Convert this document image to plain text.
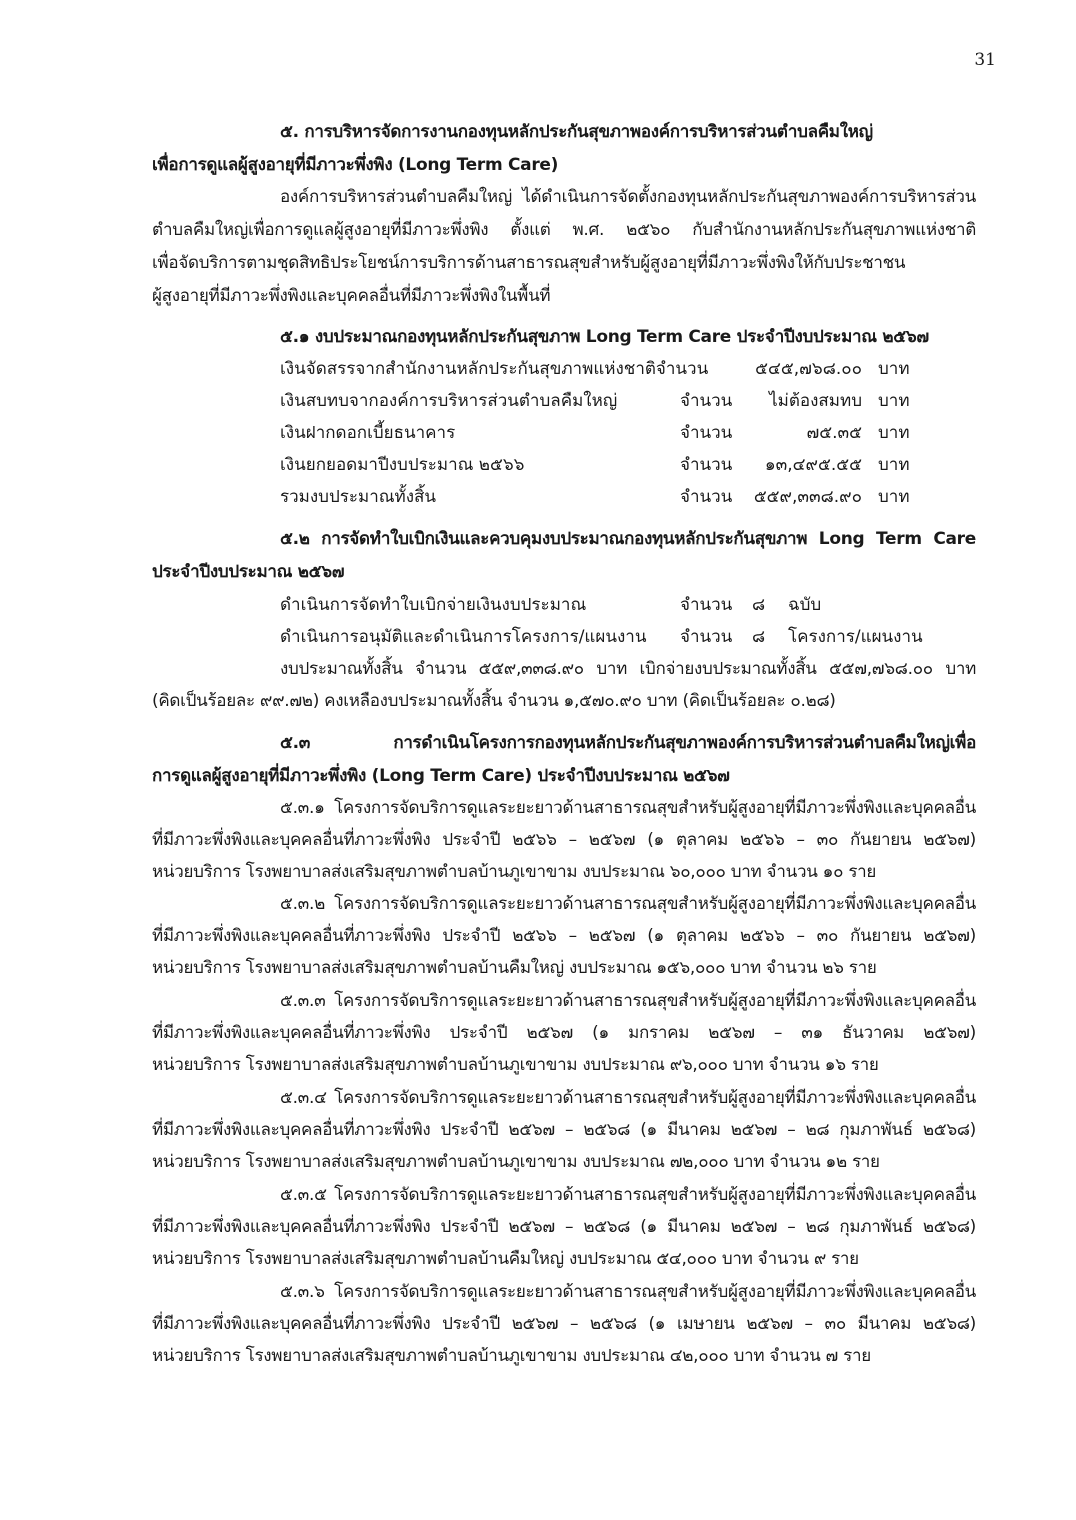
31
๕. การบริหารจัดการงานกองทุนหลักประกันสุขภาพองค์การบริหารส่วนตำบลคืมใหญ่
เพื่อการดูแลผู้สูงอายุที่มีภาวะพึ่งพิง (Long Term Care)
องค์การบริหารส่วนตำบลคืมใหญ่ ได้ดำเนินการจัดตั้งกองทุนหลักประกันสุขภาพองค์การบริหารส่วน
ตำบลคืมใหญ่เพื่อการดูแลผู้สูงอายุที่มีภาวะพึ่งพิง ตั้งแต่ พ.ศ. ๒๕๖๐ กับสำนักงานหลักประกันสุขภาพแห่งชาติ
เพื่อจัดบริการตามชุดสิทธิประโยชน์การบริการด้านสาธารณสุขสำหรับผู้สูงอายุที่มีภาวะพึ่งพิงให้กับประชาชน
ผู้สูงอายุที่มีภาวะพึ่งพิงและบุคคลอื่นที่มีภาวะพึ่งพิงในพื้นที่
๕.๑ งบประมาณกองทุนหลักประกันสุขภาพ Long Term Care ประจำปีงบประมาณ ๒๕๖๗
เงินจัดสรรจากสำนักงานหลักประกันสุขภาพแห่งชาติจำนวน	๕๔๕,๗๖๘.๐๐ บาท
เงินสบทบจากองค์การบริหารส่วนตำบลคืมใหญ่	จำนวน	ไม่ต้องสมทบ บาท
เงินฝากดอกเบี้ยธนาคาร	จำนวน	๗๕.๓๕ บาท
เงินยกยอดมาปีงบประมาณ ๒๕๖๖	จำนวน	๑๓,๔๙๕.๕๕ บาท
รวมงบประมาณทั้งสิ้น	จำนวน	๕๕๙,๓๓๘.๙๐ บาท
๕.๒ การจัดทำใบเบิกเงินและควบคุมงบประมาณกองทุนหลักประกันสุขภาพ Long Term Care
ประจำปีงบประมาณ ๒๕๖๗
ดำเนินการจัดทำใบเบิกจ่ายเงินงบประมาณ	จำนวน ๘ ฉบับ
ดำเนินการอนุมัติและดำเนินการโครงการ/แผนงาน จำนวน ๘ โครงการ/แผนงาน
งบประมาณทั้งสิ้น จำนวน ๕๕๙,๓๓๘.๙๐ บาท เบิกจ่ายงบประมาณทั้งสิ้น ๕๕๗,๗๖๘.๐๐ บาท
(คิดเป็นร้อยละ ๙๙.๗๒) คงเหลืองบประมาณทั้งสิ้น จำนวน ๑,๕๗๐.๙๐ บาท (คิดเป็นร้อยละ ๐.๒๘)
๕.๓ การดำเนินโครงการกองทุนหลักประกันสุขภาพองค์การบริหารส่วนตำบลคืมใหญ่เพื่อ
การดูแลผู้สูงอายุที่มีภาวะพึ่งพิง (Long Term Care) ประจำปีงบประมาณ ๒๕๖๗
๕.๓.๑ โครงการจัดบริการดูแลระยะยาวด้านสาธารณสุขสำหรับผู้สูงอายุที่มีภาวะพึ่งพิงและบุคคลอื่น
ที่มีภาวะพึ่งพิงและบุคคลอื่นที่ภาวะพึ่งพิง ประจำปี ๒๕๖๖ – ๒๕๖๗ (๑ ตุลาคม ๒๕๖๖ – ๓๐ กันยายน ๒๕๖๗)
หน่วยบริการ โรงพยาบาลส่งเสริมสุขภาพตำบลบ้านภูเขาขาม งบประมาณ ๖๐,๐๐๐ บาท จำนวน ๑๐ ราย
๕.๓.๒ โครงการจัดบริการดูแลระยะยาวด้านสาธารณสุขสำหรับผู้สูงอายุที่มีภาวะพึ่งพิงและบุคคลอื่น
ที่มีภาวะพึ่งพิงและบุคคลอื่นที่ภาวะพึ่งพิง ประจำปี ๒๕๖๖ – ๒๕๖๗ (๑ ตุลาคม ๒๕๖๖ – ๓๐ กันยายน ๒๕๖๗)
หน่วยบริการ โรงพยาบาลส่งเสริมสุขภาพตำบลบ้านคืมใหญ่ งบประมาณ ๑๕๖,๐๐๐ บาท จำนวน ๒๖ ราย
๕.๓.๓ โครงการจัดบริการดูแลระยะยาวด้านสาธารณสุขสำหรับผู้สูงอายุที่มีภาวะพึ่งพิงและบุคคลอื่น
ที่มีภาวะพึ่งพิงและบุคคลอื่นที่ภาวะพึ่งพิง ประจำปี ๒๕๖๗ (๑ มกราคม ๒๕๖๗ – ๓๑ ธันวาคม ๒๕๖๗)
หน่วยบริการ โรงพยาบาลส่งเสริมสุขภาพตำบลบ้านภูเขาขาม งบประมาณ ๙๖,๐๐๐ บาท จำนวน ๑๖ ราย
๕.๓.๔ โครงการจัดบริการดูแลระยะยาวด้านสาธารณสุขสำหรับผู้สูงอายุที่มีภาวะพึ่งพิงและบุคคลอื่น
ที่มีภาวะพึ่งพิงและบุคคลอื่นที่ภาวะพึ่งพิง ประจำปี ๒๕๖๗ – ๒๕๖๘ (๑ มีนาคม ๒๕๖๗ – ๒๘ กุมภาพันธ์ ๒๕๖๘)
หน่วยบริการ โรงพยาบาลส่งเสริมสุขภาพตำบลบ้านภูเขาขาม งบประมาณ ๗๒,๐๐๐ บาท จำนวน ๑๒ ราย
๕.๓.๕ โครงการจัดบริการดูแลระยะยาวด้านสาธารณสุขสำหรับผู้สูงอายุที่มีภาวะพึ่งพิงและบุคคลอื่น
ที่มีภาวะพึ่งพิงและบุคคลอื่นที่ภาวะพึ่งพิง ประจำปี ๒๕๖๗ – ๒๕๖๘ (๑ มีนาคม ๒๕๖๗ – ๒๘ กุมภาพันธ์ ๒๕๖๘)
หน่วยบริการ โรงพยาบาลส่งเสริมสุขภาพตำบลบ้านคืมใหญ่ งบประมาณ ๕๔,๐๐๐ บาท จำนวน ๙ ราย
๕.๓.๖ โครงการจัดบริการดูแลระยะยาวด้านสาธารณสุขสำหรับผู้สูงอายุที่มีภาวะพึ่งพิงและบุคคลอื่น
ที่มีภาวะพึ่งพิงและบุคคลอื่นที่ภาวะพึ่งพิง ประจำปี ๒๕๖๗ – ๒๕๖๘ (๑ เมษายน ๒๕๖๗ – ๓๐ มีนาคม ๒๕๖๘)
หน่วยบริการ โรงพยาบาลส่งเสริมสุขภาพตำบลบ้านภูเขาขาม งบประมาณ ๔๒,๐๐๐ บาท จำนวน ๗ ราย
